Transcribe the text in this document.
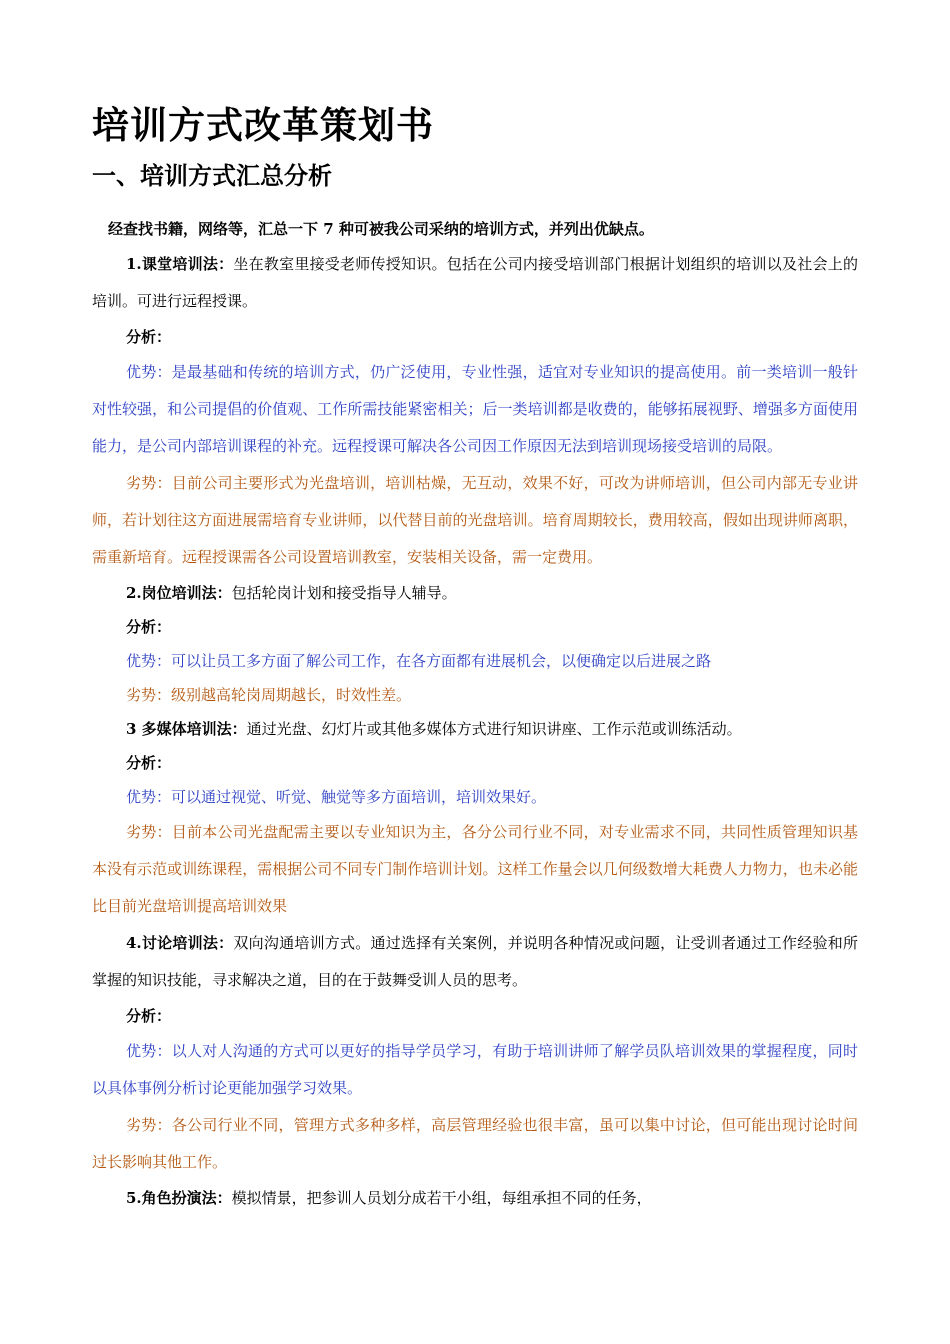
培训方式改革策划书
一、培训方式汇总分析
经查找书籍，网络等，汇总一下 7 种可被我公司采纳的培训方式，并列出优缺点。

1.课堂培训法：坐在教室里接受老师传授知识。包括在公司内接受培训部门根据计划组织的培训以及社会上的培训。可进行远程授课。

分析：

优势：是最基础和传统的培训方式，仍广泛使用，专业性强，适宜对专业知识的提高使用。前一类培训一般针对性较强，和公司提倡的价值观、工作所需技能紧密相关；后一类培训都是收费的，能够拓展视野、增强多方面使用能力，是公司内部培训课程的补充。远程授课可解决各公司因工作原因无法到培训现场接受培训的局限。

劣势：目前公司主要形式为光盘培训，培训枯燥，无互动，效果不好，可改为讲师培训，但公司内部无专业讲师，若计划往这方面进展需培育专业讲师，以代替目前的光盘培训。培育周期较长，费用较高，假如出现讲师离职，需重新培育。远程授课需各公司设置培训教室，安装相关设备，需一定费用。

2.岗位培训法：包括轮岗计划和接受指导人辅导。

分析：

优势：可以让员工多方面了解公司工作，在各方面都有进展机会，以便确定以后进展之路

劣势：级别越高轮岗周期越长，时效性差。

3 多媒体培训法：通过光盘、幻灯片或其他多媒体方式进行知识讲座、工作示范或训练活动。

分析：

优势：可以通过视觉、听觉、触觉等多方面培训，培训效果好。

劣势：目前本公司光盘配需主要以专业知识为主，各分公司行业不同，对专业需求不同，共同性质管理知识基本没有示范或训练课程，需根据公司不同专门制作培训计划。这样工作量会以几何级数增大耗费人力物力，也未必能比目前光盘培训提高培训效果

4.讨论培训法：双向沟通培训方式。通过选择有关案例，并说明各种情况或问题，让受训者通过工作经验和所掌握的知识技能，寻求解决之道，目的在于鼓舞受训人员的思考。

分析：

优势：以人对人沟通的方式可以更好的指导学员学习，有助于培训讲师了解学员队培训效果的掌握程度，同时以具体事例分析讨论更能加强学习效果。

劣势：各公司行业不同，管理方式多种多样，高层管理经验也很丰富，虽可以集中讨论，但可能出现讨论时间过长影响其他工作。

5.角色扮演法：模拟情景，把参训人员划分成若干小组，每组承担不同的任务，
